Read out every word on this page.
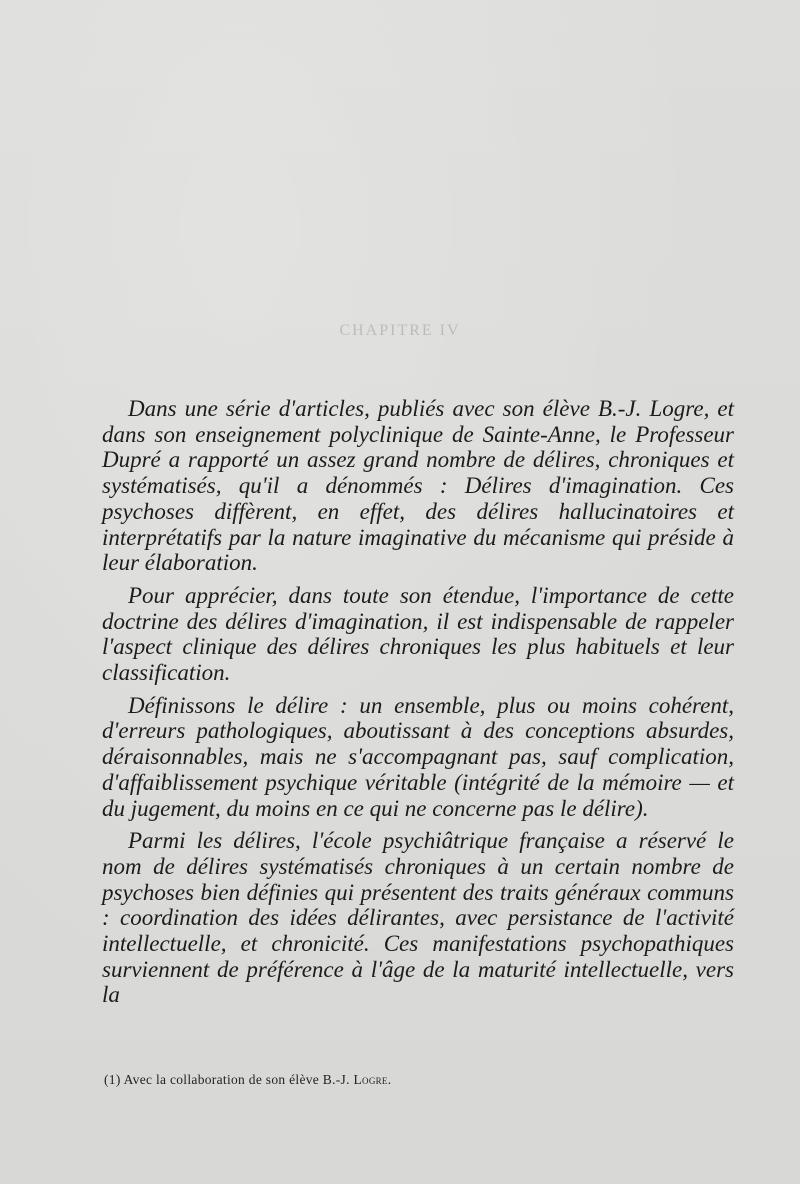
CHAPITRE IV

Dans une série d'articles, publiés avec son élève B.-J. Logre, et dans son enseignement polyclinique de Sainte-Anne, le Professeur Dupré a rapporté un assez grand nombre de délires, chroniques et systématisés, qu'il a dénommés : Délires d'imagination. Ces psychoses diffèrent, en effet, des délires hallucinatoires et interprétatifs par la nature imaginative du mécanisme qui préside à leur élaboration.

Pour apprécier, dans toute son étendue, l'importance de cette doctrine des délires d'imagination, il est indispensable de rappeler l'aspect clinique des délires chroniques les plus habituels et leur classification.

Définissons le délire : un ensemble, plus ou moins cohérent, d'erreurs pathologiques, aboutissant à des conceptions absurdes, déraisonnables, mais ne s'accompagnant pas, sauf complication, d'affaiblissement psychique véritable (intégrité de la mémoire — et du jugement, du moins en ce qui ne concerne pas le délire).

Parmi les délires, l'école psychiâtrique française a réservé le nom de délires systématisés chroniques à un certain nombre de psychoses bien définies qui présentent des traits généraux communs : coordination des idées délirantes, avec persistance de l'activité intellectuelle, et chronicité. Ces manifestations psychopathiques surviennent de préférence à l'âge de la maturité intellectuelle, vers la

(1) Avec la collaboration de son élève B.-J. Logre.
